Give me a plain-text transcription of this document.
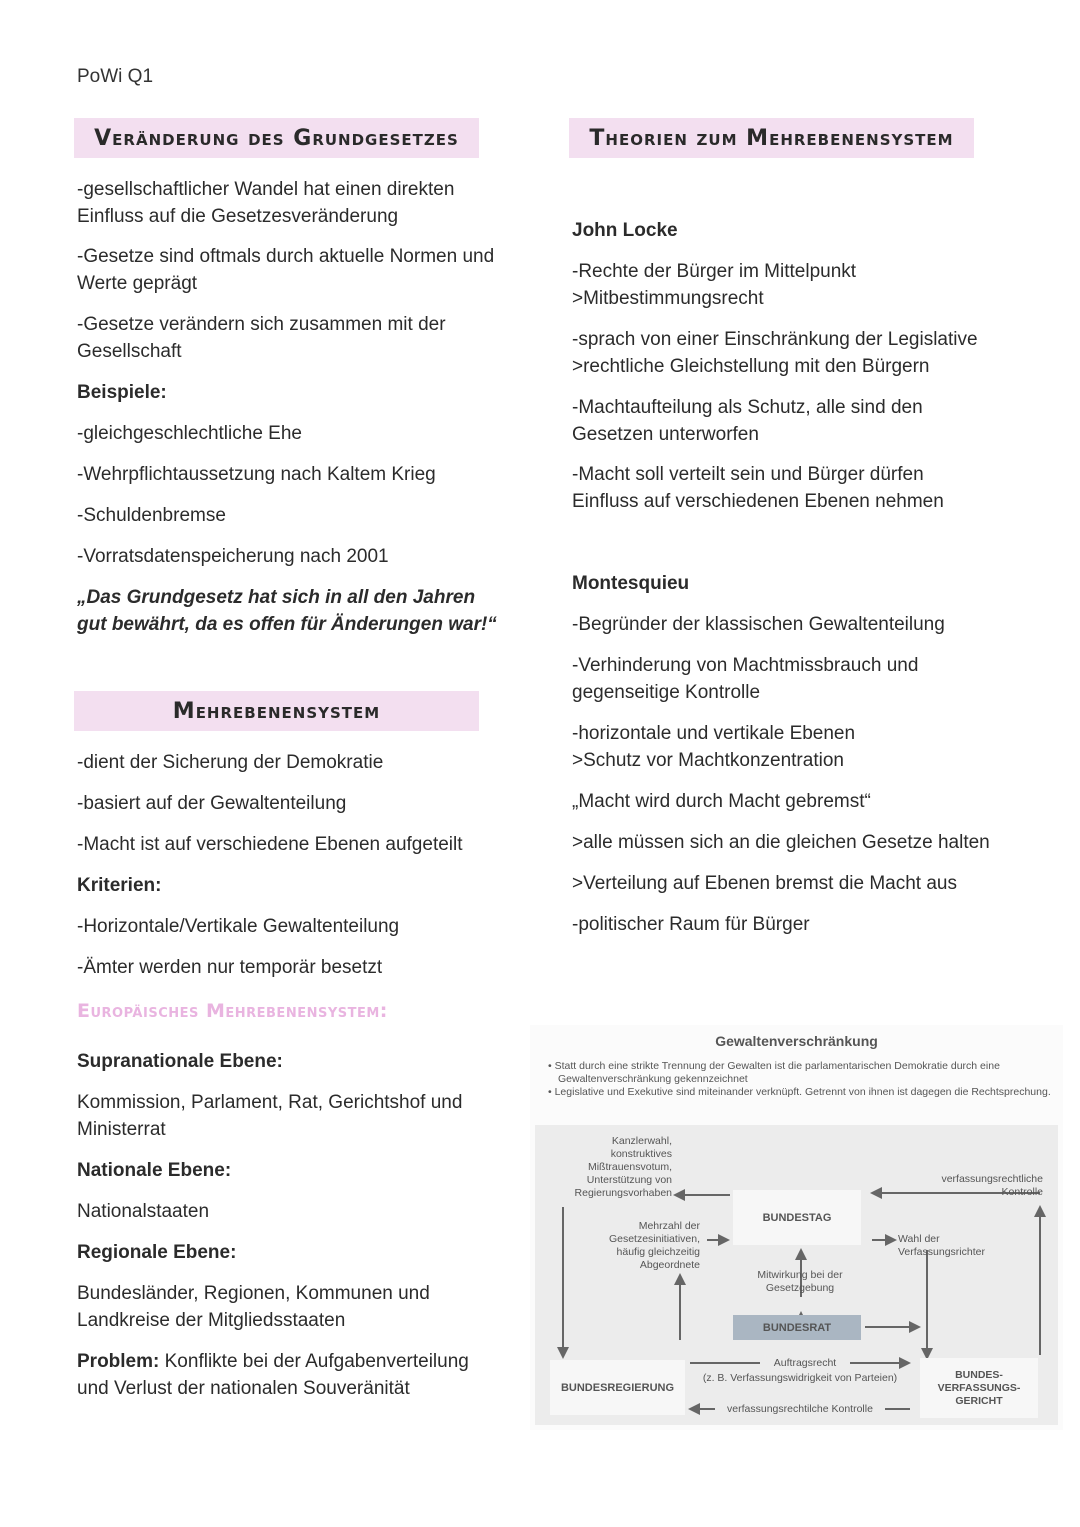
PoWi Q1
Veränderung des Grundgesetzes

-gesellschaftlicher Wandel hat einen direkten Einfluss auf die Gesetzesveränderung

-Gesetze sind oftmals durch aktuelle Normen und Werte geprägt

-Gesetze verändern sich zusammen mit der Gesellschaft

Beispiele:

-gleichgeschlechtliche Ehe

-Wehrpflichtaussetzung nach Kaltem Krieg

-Schuldenbremse

-Vorratsdatenspeicherung nach 2001

„Das Grundgesetz hat sich in all den Jahren gut bewährt, da es offen für Änderungen war!“

Mehrebenensystem

-dient der Sicherung der Demokratie

-basiert auf der Gewaltenteilung

-Macht ist auf verschiedene Ebenen aufgeteilt

Kriterien:

-Horizontale/Vertikale Gewaltenteilung

-Ämter werden nur temporär besetzt

Europäisches Mehrebenensystem:

Supranationale Ebene:

Kommission, Parlament, Rat, Gerichtshof und Ministerrat

Nationale Ebene:

Nationalstaaten

Regionale Ebene:

Bundesländer, Regionen, Kommunen und Landkreise der Mitgliedsstaaten

Problem: Konflikte bei der Aufgabenverteilung und Verlust der nationalen Souveränität

Theorien zum Mehrebenensystem

John Locke

-Rechte der Bürger im Mittelpunkt

>Mitbestimmungsrecht

-sprach von einer Einschränkung der Legislative

>rechtliche Gleichstellung mit den Bürgern

-Machtaufteilung als Schutz, alle sind den Gesetzen unterworfen

-Macht soll verteilt sein und Bürger dürfen Einfluss auf verschiedenen Ebenen nehmen

Montesquieu

-Begründer der klassischen Gewaltenteilung

-Verhinderung von Machtmissbrauch und gegenseitige Kontrolle

-horizontale und vertikale Ebenen

>Schutz vor Machtkonzentration

„Macht wird durch Macht gebremst“

>alle müssen sich an die gleichen Gesetze halten

>Verteilung auf Ebenen bremst die Macht aus

-politischer Raum für Bürger

Gewaltenverschränkung
• Statt durch eine strikte Trennung der Gewalten ist die parlamentarischen Demokratie durch eine Gewaltenverschränkung gekennzeichnet
• Legislative und Exekutive sind miteinander verknüpft. Getrennt von ihnen ist dagegen die Rechtsprechung.
Kanzlerwahl, konstruktives Mißtrauensvotum, Unterstützung von Regierungsvorhaben
Mehrzahl der Gesetzesinitiativen, häufig gleichzeitig Abgeordnete
verfassungsrechtliche Kontrolle
Wahl der Verfassungsrichter
Mitwirkung bei der Gesetzgebung
Auftragsrecht
(z. B. Verfassungswidrigkeit von Parteien)
verfassungsrechtilche Kontrolle
BUNDESTAG
BUNDESRAT
BUNDESREGIERUNG
BUNDES-VERFASSUNGS-GERICHT
